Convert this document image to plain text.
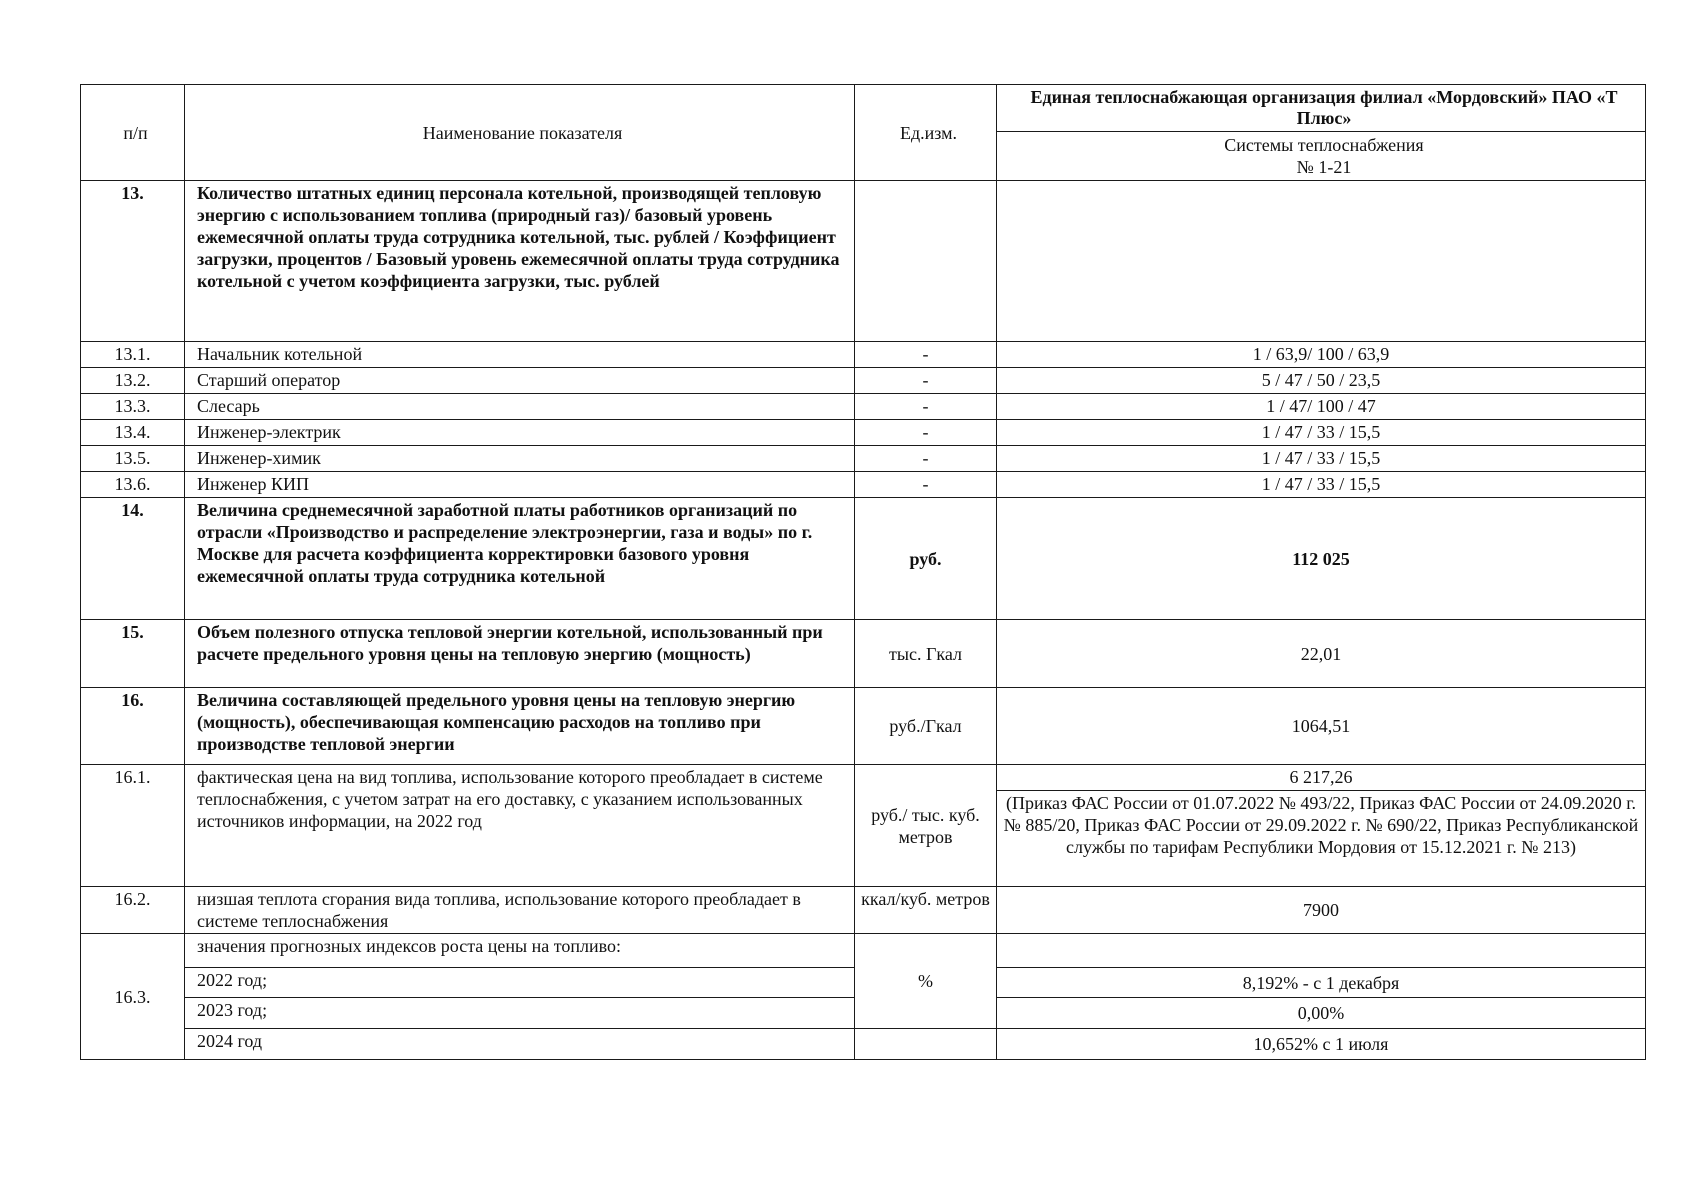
п/п	Наименование показателя	Ед.изм.	Единая теплоснабжающая организация филиал «Мордовский» ПАО «Т Плюс»

			Системы теплоснабжения
№ 1-21

13.	Количество штатных единиц персонала котельной, производящей тепловую энергию с использованием топлива (природный газ)/ базовый уровень ежемесячной оплаты труда сотрудника котельной, тыс. рублей / Коэффициент загрузки, процентов / Базовый уровень ежемесячной оплаты труда сотрудника котельной с учетом коэффициента загрузки, тыс. рублей		
13.1.	Начальник котельной	-	1 / 63,9/ 100 / 63,9
13.2.	Старший оператор	-	5 / 47 / 50 / 23,5
13.3.	Слесарь	-	1 / 47/ 100 / 47
13.4.	Инженер-электрик	-	1 / 47 / 33 / 15,5
13.5.	Инженер-химик	-	1 / 47 / 33 / 15,5
13.6.	Инженер КИП	-	1 / 47 / 33 / 15,5
14.	Величина среднемесячной заработной платы работников организаций по отрасли «Производство и распределение электроэнергии, газа и воды» по г. Москве для расчета коэффициента корректировки базового уровня ежемесячной оплаты труда сотрудника котельной	руб.	112 025
15.	Объем полезного отпуска тепловой энергии котельной, использованный при расчете предельного уровня цены на тепловую энергию (мощность)	тыс. Гкал	22,01
16.	Величина составляющей предельного уровня цены на тепловую энергию (мощность), обеспечивающая компенсацию расходов на топливо при производстве тепловой энергии	руб./Гкал	1064,51
16.1.	фактическая цена на вид топлива, использование которого преобладает в системе теплоснабжения, с учетом затрат на его доставку, с указанием использованных источников информации, на 2022 год	руб./ тыс. куб. метров	6 217,26
			(Приказ ФАС России от 01.07.2022 № 493/22, Приказ ФАС России от 24.09.2020 г. № 885/20, Приказ ФАС России от 29.09.2022 г. № 690/22, Приказ Республиканской службы по тарифам Республики Мордовия от 15.12.2021 г. № 213)
16.2.	низшая теплота сгорания вида топлива, использование которого преобладает в системе теплоснабжения	ккал/куб. метров	7900
16.3.	значения прогнозных индексов роста цены на топливо:	%	
	2022 год;		8,192% - с 1 декабря
	2023 год;		0,00%
	2024 год		10,652% с 1 июля
